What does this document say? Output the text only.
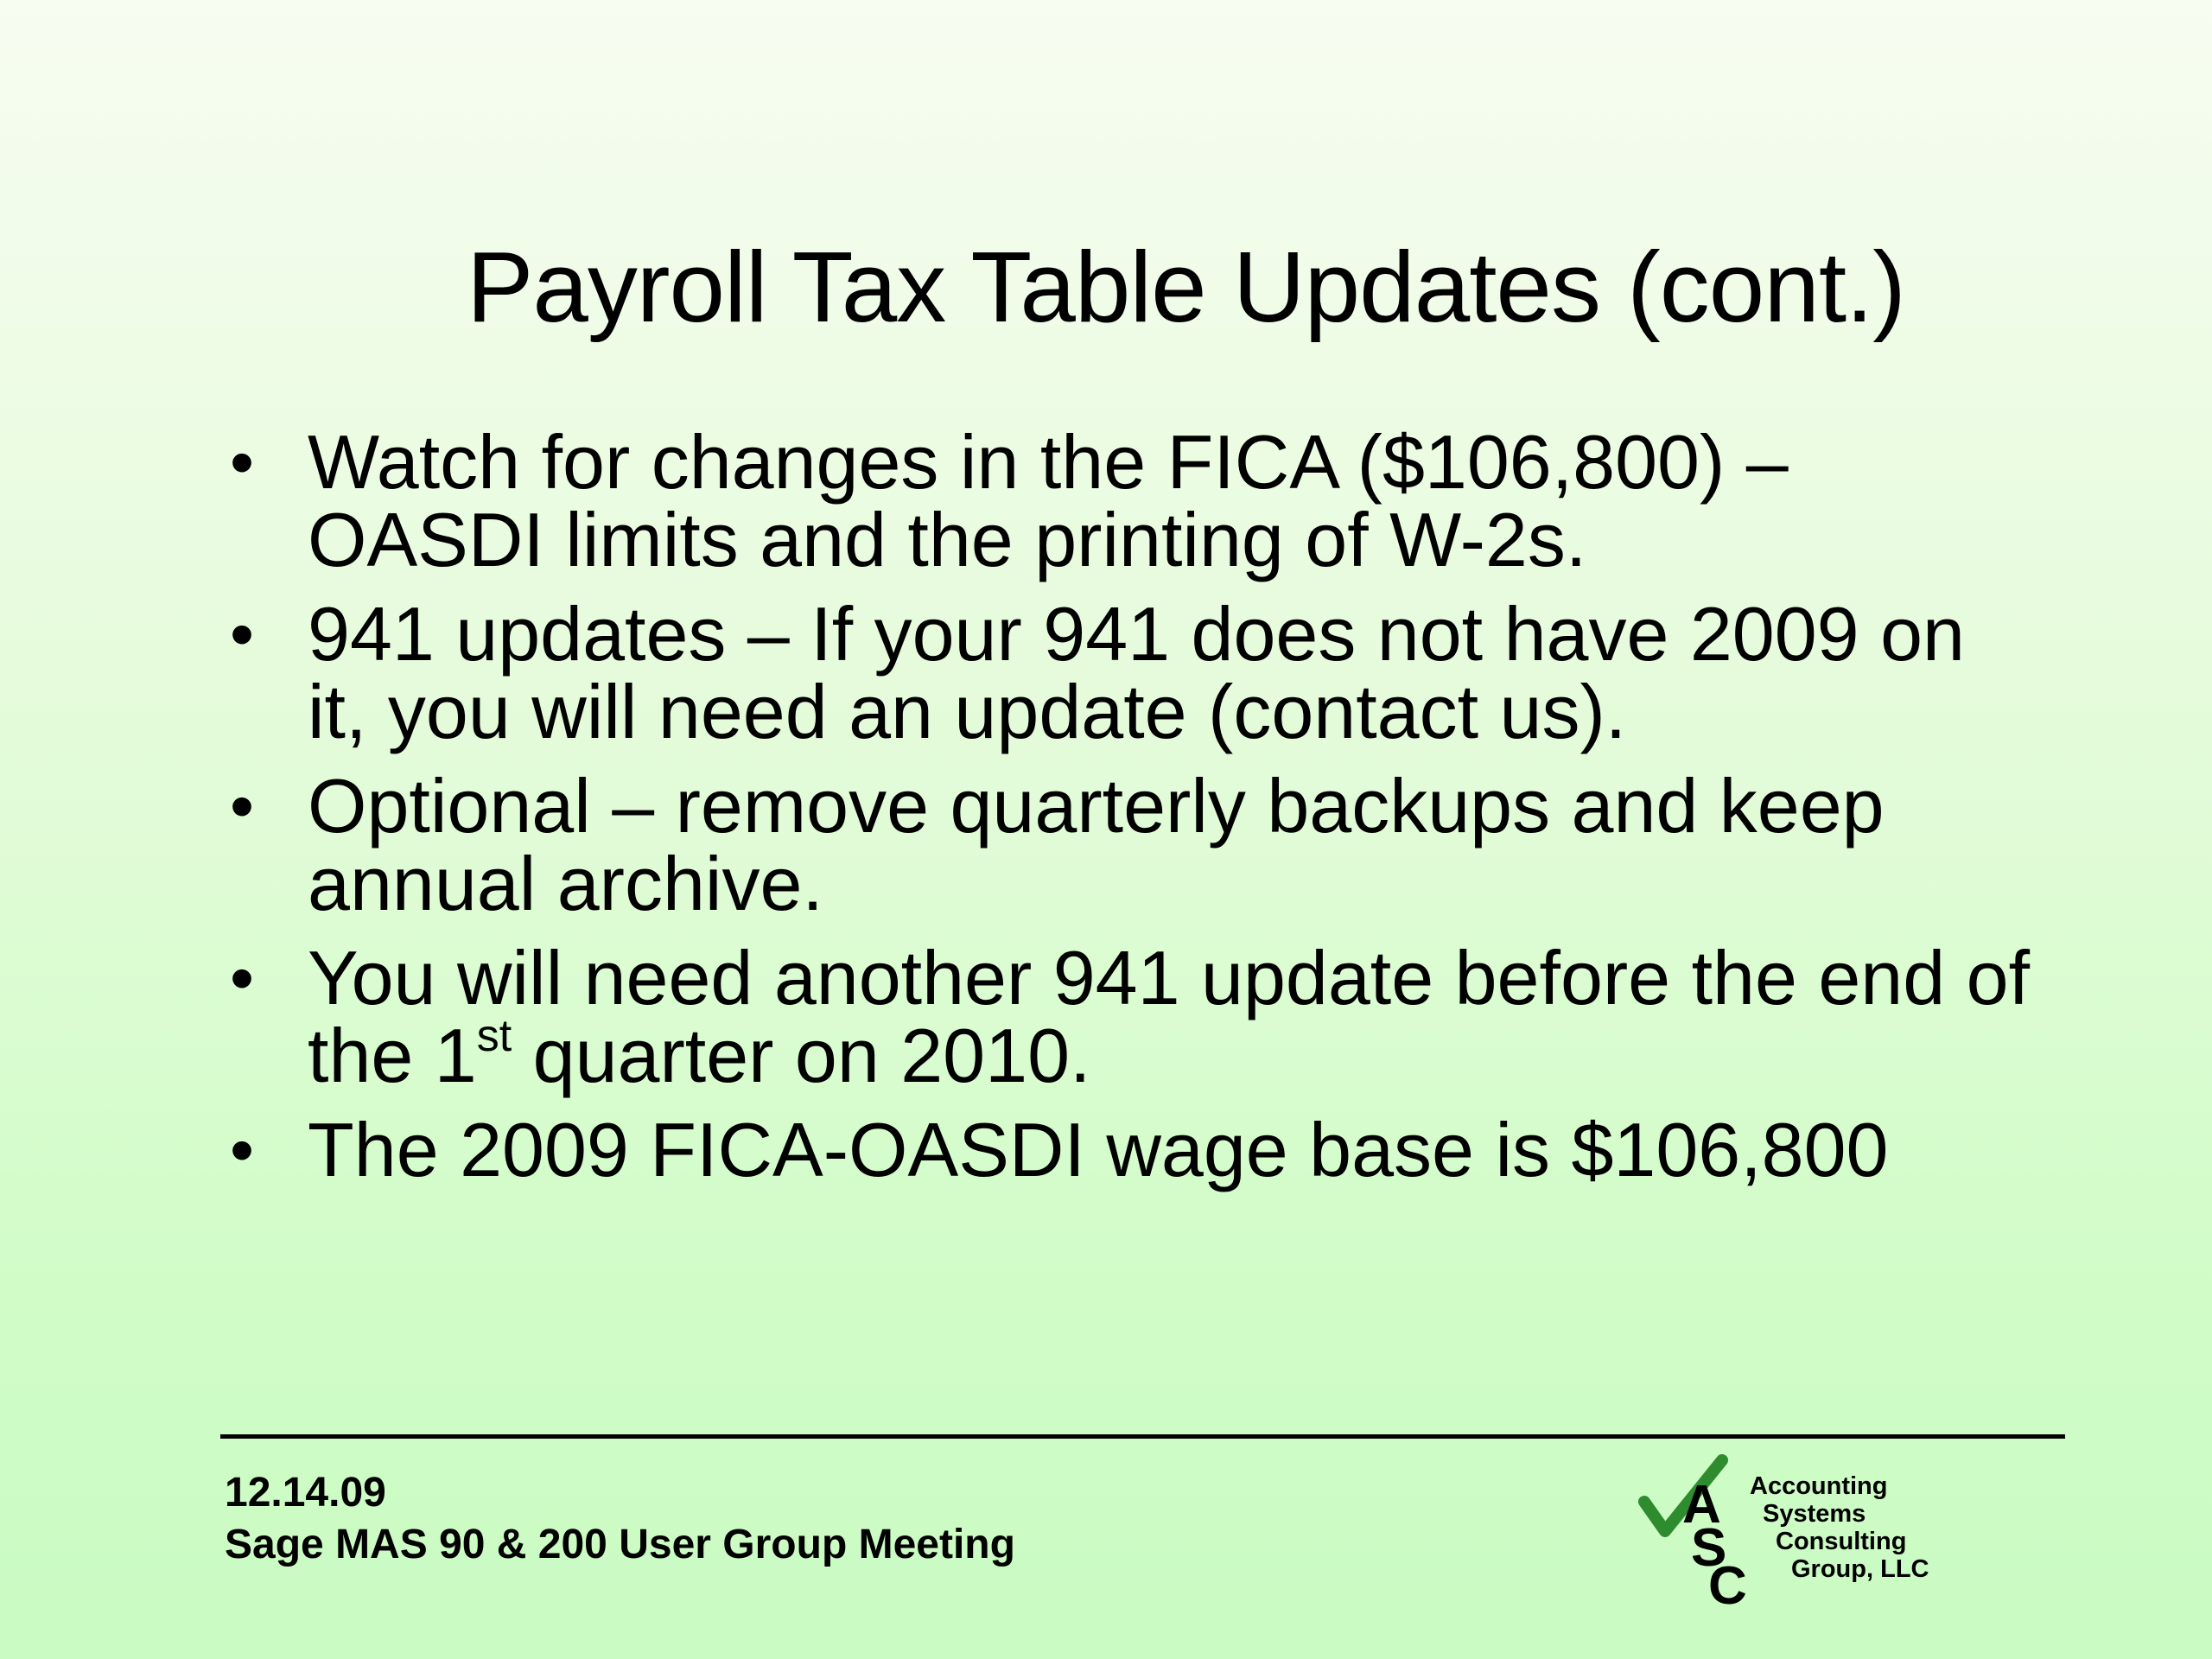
Payroll Tax Table Updates (cont.)
• Watch for changes in the FICA ($106,800) – OASDI limits and the printing of W-2s.
• 941 updates – If your 941 does not have 2009 on it, you will need an update (contact us).
• Optional – remove quarterly backups and keep annual archive.
• You will need another 941 update before the end of the 1st quarter on 2010.
• The 2009 FICA-OASDI wage base is $106,800
12.14.09
Sage MAS 90 & 200 User Group Meeting
A
S
C
Accounting
Systems
Consulting
Group, LLC
